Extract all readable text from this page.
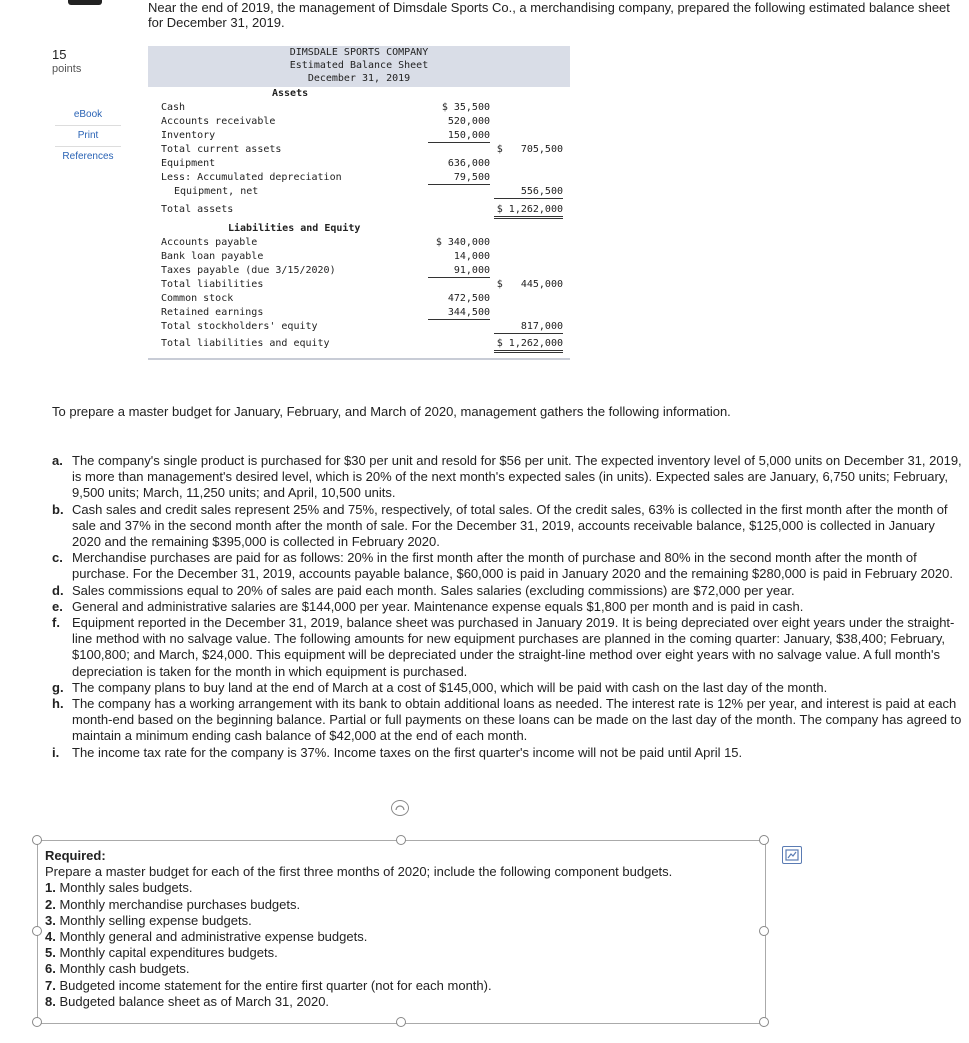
Near the end of 2019, the management of Dimsdale Sports Co., a merchandising company, prepared the following estimated balance sheet for December 31, 2019.
15
points
eBook
Print
References
DIMSDALE SPORTS COMPANY
Estimated Balance Sheet
December 31, 2019
Assets
Cash	$ 35,500
Accounts receivable	520,000
Inventory	150,000
Total current assets	$   705,500
Equipment	636,000
Less: Accumulated depreciation	79,500
Equipment, net	556,500
Total assets	$ 1,262,000
Liabilities and Equity
Accounts payable	$ 340,000
Bank loan payable	14,000
Taxes payable (due 3/15/2020)	91,000
Total liabilities	$   445,000
Common stock	472,500
Retained earnings	344,500
Total stockholders' equity	817,000
Total liabilities and equity	$ 1,262,000
To prepare a master budget for January, February, and March of 2020, management gathers the following information.
a. The company's single product is purchased for $30 per unit and resold for $56 per unit. The expected inventory level of 5,000 units on December 31, 2019, is more than management's desired level, which is 20% of the next month's expected sales (in units). Expected sales are January, 6,750 units; February, 9,500 units; March, 11,250 units; and April, 10,500 units.
b. Cash sales and credit sales represent 25% and 75%, respectively, of total sales. Of the credit sales, 63% is collected in the first month after the month of sale and 37% in the second month after the month of sale. For the December 31, 2019, accounts receivable balance, $125,000 is collected in January 2020 and the remaining $395,000 is collected in February 2020.
c. Merchandise purchases are paid for as follows: 20% in the first month after the month of purchase and 80% in the second month after the month of purchase. For the December 31, 2019, accounts payable balance, $60,000 is paid in January 2020 and the remaining $280,000 is paid in February 2020.
d. Sales commissions equal to 20% of sales are paid each month. Sales salaries (excluding commissions) are $72,000 per year.
e. General and administrative salaries are $144,000 per year. Maintenance expense equals $1,800 per month and is paid in cash.
f. Equipment reported in the December 31, 2019, balance sheet was purchased in January 2019. It is being depreciated over eight years under the straight-line method with no salvage value. The following amounts for new equipment purchases are planned in the coming quarter: January, $38,400; February, $100,800; and March, $24,000. This equipment will be depreciated under the straight-line method over eight years with no salvage value. A full month's depreciation is taken for the month in which equipment is purchased.
g. The company plans to buy land at the end of March at a cost of $145,000, which will be paid with cash on the last day of the month.
h. The company has a working arrangement with its bank to obtain additional loans as needed. The interest rate is 12% per year, and interest is paid at each month-end based on the beginning balance. Partial or full payments on these loans can be made on the last day of the month. The company has agreed to maintain a minimum ending cash balance of $42,000 at the end of each month.
i. The income tax rate for the company is 37%. Income taxes on the first quarter's income will not be paid until April 15.
Required:
Prepare a master budget for each of the first three months of 2020; include the following component budgets.
1. Monthly sales budgets.
2. Monthly merchandise purchases budgets.
3. Monthly selling expense budgets.
4. Monthly general and administrative expense budgets.
5. Monthly capital expenditures budgets.
6. Monthly cash budgets.
7. Budgeted income statement for the entire first quarter (not for each month).
8. Budgeted balance sheet as of March 31, 2020.
